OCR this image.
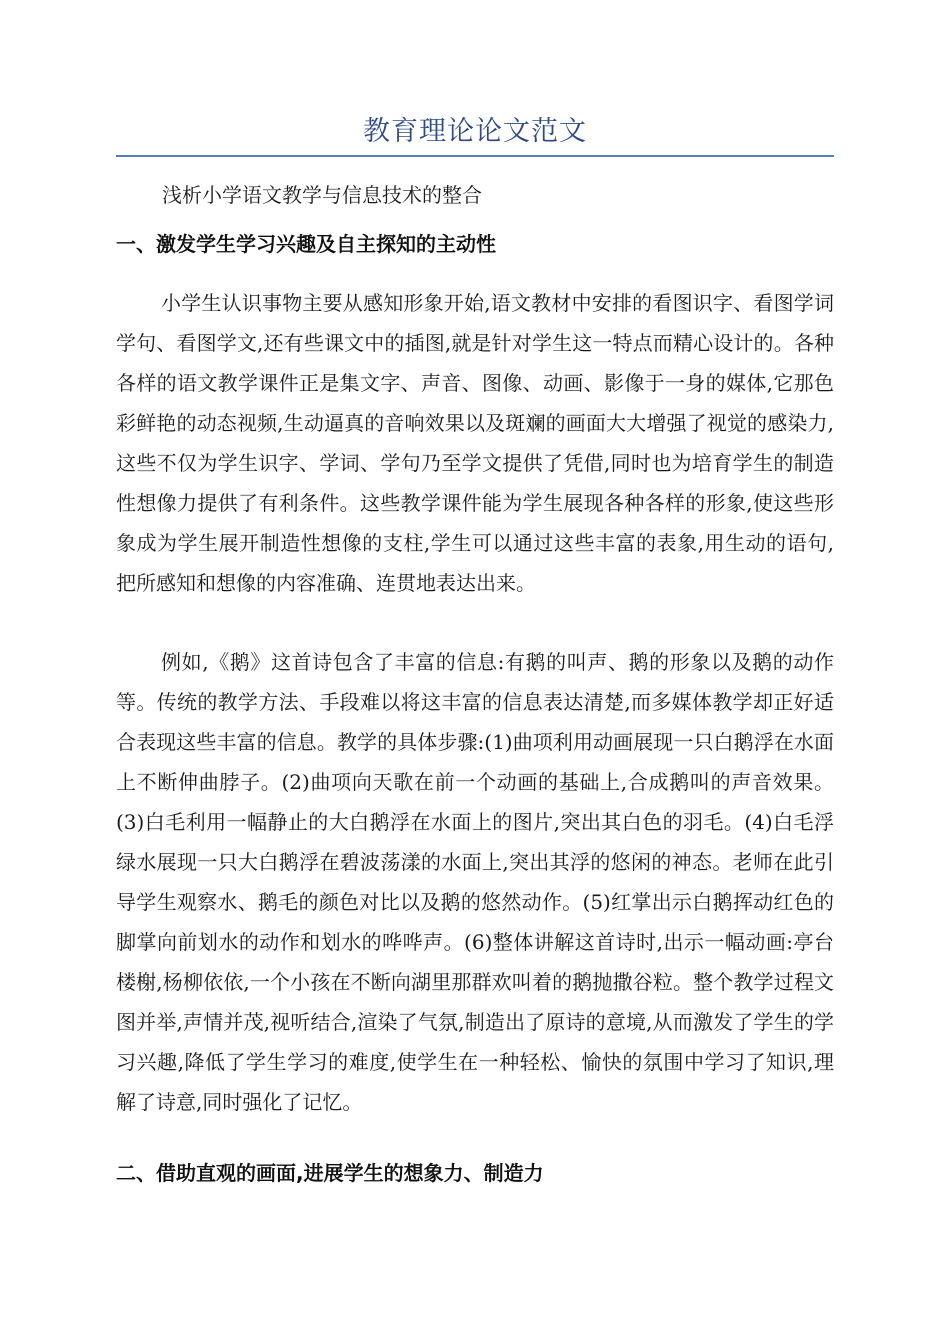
教育理论论文范文
浅析小学语文教学与信息技术的整合
一、激发学生学习兴趣及自主探知的主动性

小学生认识事物主要从感知形象开始,语文教材中安排的看图识字、看图学词学句、看图学文,还有些课文中的插图,就是针对学生这一特点而精心设计的。各种各样的语文教学课件正是集文字、声音、图像、动画、影像于一身的媒体,它那色彩鲜艳的动态视频,生动逼真的音响效果以及斑斓的画面大大增强了视觉的感染力,这些不仅为学生识字、学词、学句乃至学文提供了凭借,同时也为培育学生的制造性想像力提供了有利条件。这些教学课件能为学生展现各种各样的形象,使这些形象成为学生展开制造性想像的支柱,学生可以通过这些丰富的表象,用生动的语句,把所感知和想像的内容准确、连贯地表达出来。

例如,《鹅》这首诗包含了丰富的信息:有鹅的叫声、鹅的形象以及鹅的动作等。传统的教学方法、手段难以将这丰富的信息表达清楚,而多媒体教学却正好适合表现这些丰富的信息。教学的具体步骤:(1)曲项利用动画展现一只白鹅浮在水面上不断伸曲脖子。(2)曲项向天歌在前一个动画的基础上,合成鹅叫的声音效果。(3)白毛利用一幅静止的大白鹅浮在水面上的图片,突出其白色的羽毛。(4)白毛浮绿水展现一只大白鹅浮在碧波荡漾的水面上,突出其浮的悠闲的神态。老师在此引导学生观察水、鹅毛的颜色对比以及鹅的悠然动作。(5)红掌出示白鹅挥动红色的脚掌向前划水的动作和划水的哗哗声。(6)整体讲解这首诗时,出示一幅动画:亭台楼榭,杨柳依依,一个小孩在不断向湖里那群欢叫着的鹅抛撒谷粒。整个教学过程文图并举,声情并茂,视听结合,渲染了气氛,制造出了原诗的意境,从而激发了学生的学习兴趣,降低了学生学习的难度,使学生在一种轻松、愉快的氛围中学习了知识,理解了诗意,同时强化了记忆。

二、借助直观的画面,进展学生的想象力、制造力
